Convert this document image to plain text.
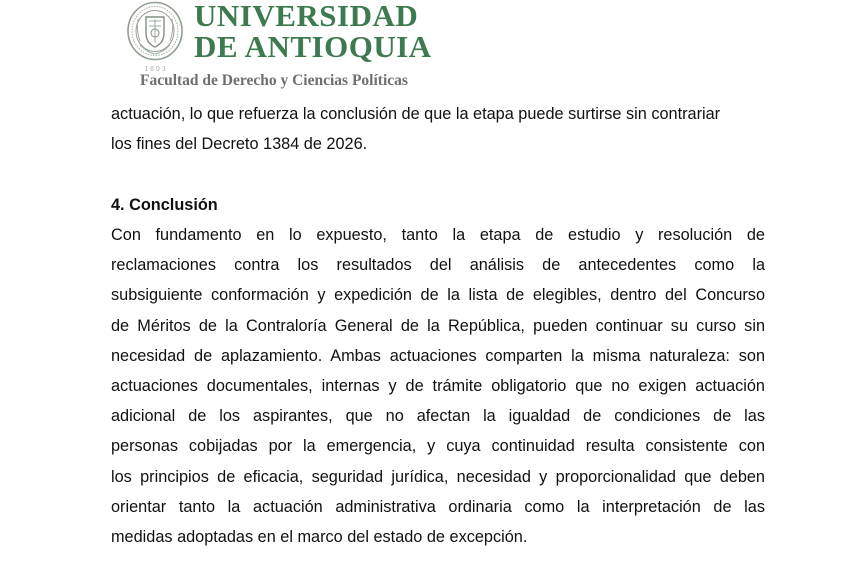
1803
UNIVERSIDAD
DE ANTIOQUIA
Facultad de Derecho y Ciencias Políticas
actuación, lo que refuerza la conclusión de que la etapa puede surtirse sin contrariar
los fines del Decreto 1384 de 2026.
4. Conclusión
Con fundamento en lo expuesto, tanto la etapa de estudio y resolución de
reclamaciones contra los resultados del análisis de antecedentes como la
subsiguiente conformación y expedición de la lista de elegibles, dentro del Concurso
de Méritos de la Contraloría General de la República, pueden continuar su curso sin
necesidad de aplazamiento. Ambas actuaciones comparten la misma naturaleza: son
actuaciones documentales, internas y de trámite obligatorio que no exigen actuación
adicional de los aspirantes, que no afectan la igualdad de condiciones de las
personas cobijadas por la emergencia, y cuya continuidad resulta consistente con
los principios de eficacia, seguridad jurídica, necesidad y proporcionalidad que deben
orientar tanto la actuación administrativa ordinaria como la interpretación de las
medidas adoptadas en el marco del estado de excepción.
